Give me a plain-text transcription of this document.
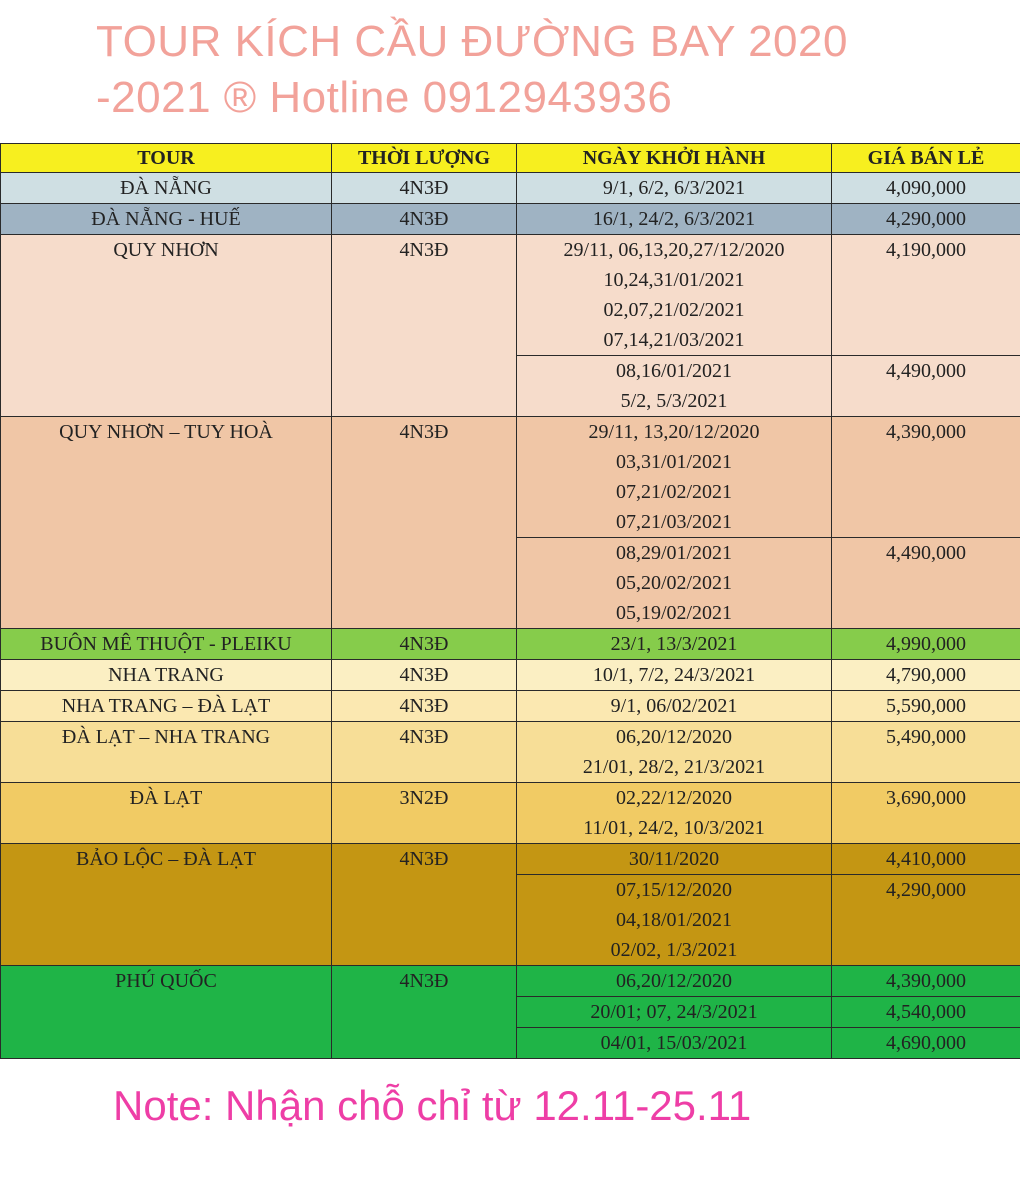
TOUR KÍCH CẦU ĐƯỜNG BAY 2020
-2021 ® Hotline 0912943936
TOUR	THỜI LƯỢNG	NGÀY KHỞI HÀNH	GIÁ BÁN LẺ

ĐÀ NẴNG	4N3Đ	9/1, 6/2, 6/3/2021	4,090,000

ĐÀ NẴNG - HUẾ	4N3Đ	16/1, 24/2, 6/3/2021	4,290,000

QUY NHƠN	4N3Đ	29/11, 06,13,20,27/12/2020
10,24,31/01/2021
02,07,21/02/2021
07,14,21/03/2021	4,190,000

		08,16/01/2021
5/2, 5/3/2021	4,490,000

QUY NHƠN – TUY HOÀ	4N3Đ	29/11, 13,20/12/2020
03,31/01/2021
07,21/02/2021
07,21/03/2021	4,390,000

		08,29/01/2021
05,20/02/2021
05,19/02/2021	4,490,000

BUÔN MÊ THUỘT - PLEIKU	4N3Đ	23/1, 13/3/2021	4,990,000

NHA TRANG	4N3Đ	10/1, 7/2, 24/3/2021	4,790,000

NHA TRANG – ĐÀ LẠT	4N3Đ	9/1, 06/02/2021	5,590,000

ĐÀ LẠT – NHA TRANG	4N3Đ	06,20/12/2020
21/01, 28/2, 21/3/2021	5,490,000

ĐÀ LẠT	3N2Đ	02,22/12/2020
11/01, 24/2, 10/3/2021	3,690,000

BẢO LỘC – ĐÀ LẠT	4N3Đ	30/11/2020	4,410,000

		07,15/12/2020
04,18/01/2021
02/02, 1/3/2021	4,290,000

PHÚ QUỐC	4N3Đ	06,20/12/2020	4,390,000

		20/01; 07, 24/3/2021	4,540,000

		04/01, 15/03/2021	4,690,000
Note: Nhận chỗ chỉ từ 12.11-25.11
